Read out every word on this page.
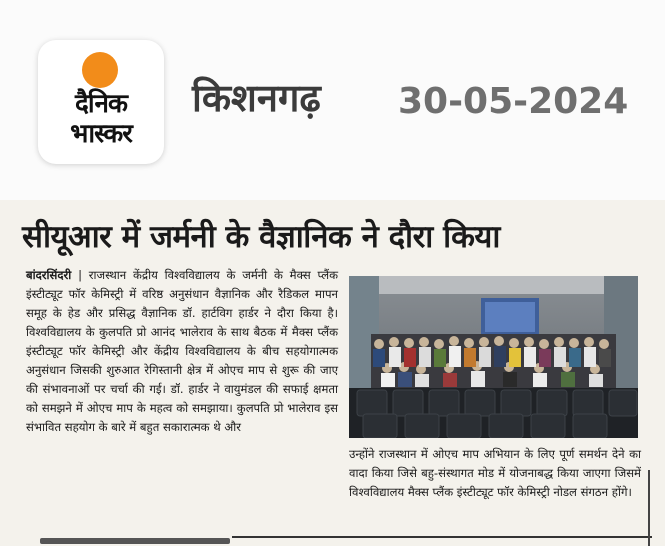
दैनिक
भास्कर
किशनगढ़ 30-05-2024
सीयूआर में जर्मनी के वैज्ञानिक ने दौरा किया
बांदरसिंदरी | राजस्थान केंद्रीय विश्वविद्यालय के जर्मनी के मैक्स प्लैंक इंस्टीट्यूट फॉर केमिस्ट्री में वरिष्ठ अनुसंधान वैज्ञानिक और रैडिकल मापन समूह के हेड और प्रसिद्ध वैज्ञानिक डॉ. हार्टविग हार्डर ने दौरा किया है। विश्वविद्यालय के कुलपति प्रो आनंद भालेराव के साथ बैठक में मैक्स प्लैंक इंस्टीट्यूट फॉर केमिस्ट्री और केंद्रीय विश्वविद्यालय के बीच सहयोगात्मक अनुसंधान जिसकी शुरुआत रेगिस्तानी क्षेत्र में ओएच माप से शुरू की जाए की संभावनाओं पर चर्चा की गई। डॉ. हार्डर ने वायुमंडल की सफाई क्षमता को समझने में ओएच माप के महत्व को समझाया। कुलपति प्रो भालेराव इस संभावित सहयोग के बारे में बहुत सकारात्मक थे और
उन्होंने राजस्थान में ओएच माप अभियान के लिए पूर्ण समर्थन देने का वादा किया जिसे बहु-संस्थागत मोड में योजनाबद्ध किया जाएगा जिसमें विश्वविद्यालय मैक्स प्लैंक इंस्टीट्यूट फॉर केमिस्ट्री नोडल संगठन होंगे।
